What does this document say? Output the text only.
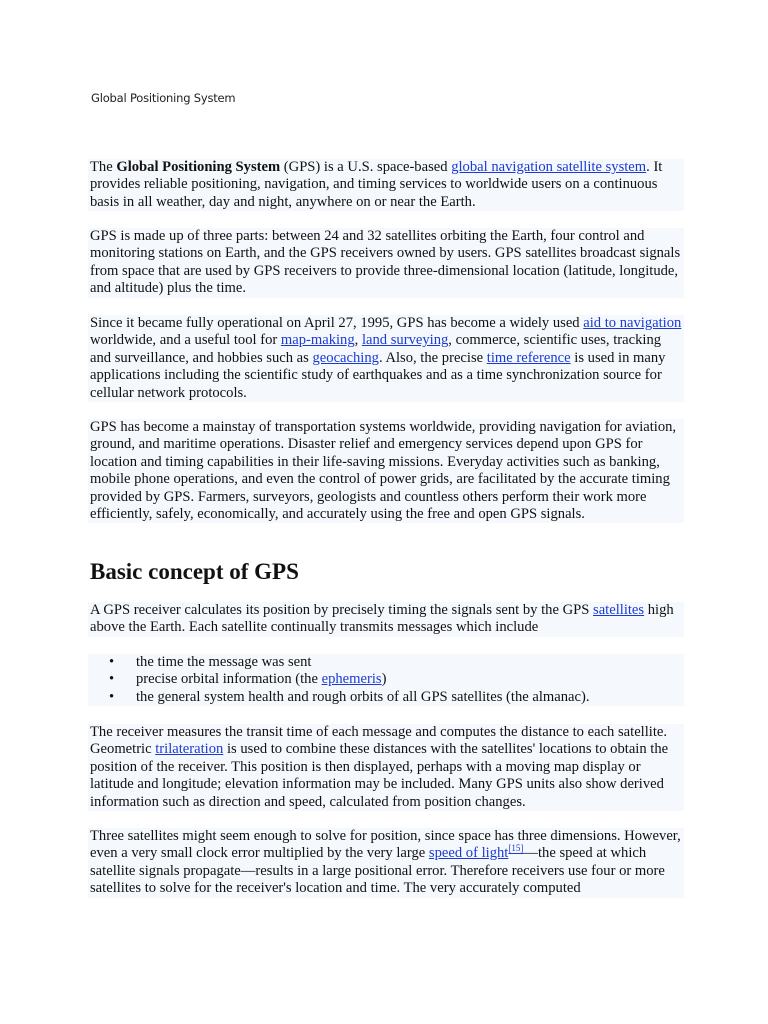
Global Positioning System

The Global Positioning System (GPS) is a U.S. space-based global navigation satellite system. It provides reliable positioning, navigation, and timing services to worldwide users on a continuous basis in all weather, day and night, anywhere on or near the Earth.

GPS is made up of three parts: between 24 and 32 satellites orbiting the Earth, four control and monitoring stations on Earth, and the GPS receivers owned by users. GPS satellites broadcast signals from space that are used by GPS receivers to provide three-dimensional location (latitude, longitude, and altitude) plus the time.

Since it became fully operational on April 27, 1995, GPS has become a widely used aid to navigation worldwide, and a useful tool for map-making, land surveying, commerce, scientific uses, tracking and surveillance, and hobbies such as geocaching. Also, the precise time reference is used in many applications including the scientific study of earthquakes and as a time synchronization source for cellular network protocols.

GPS has become a mainstay of transportation systems worldwide, providing navigation for aviation, ground, and maritime operations. Disaster relief and emergency services depend upon GPS for location and timing capabilities in their life-saving missions. Everyday activities such as banking, mobile phone operations, and even the control of power grids, are facilitated by the accurate timing provided by GPS. Farmers, surveyors, geologists and countless others perform their work more efficiently, safely, economically, and accurately using the free and open GPS signals.

Basic concept of GPS

A GPS receiver calculates its position by precisely timing the signals sent by the GPS satellites high above the Earth. Each satellite continually transmits messages which include

• the time the message was sent
• precise orbital information (the ephemeris)
• the general system health and rough orbits of all GPS satellites (the almanac).

The receiver measures the transit time of each message and computes the distance to each satellite. Geometric trilateration is used to combine these distances with the satellites' locations to obtain the position of the receiver. This position is then displayed, perhaps with a moving map display or latitude and longitude; elevation information may be included. Many GPS units also show derived information such as direction and speed, calculated from position changes.

Three satellites might seem enough to solve for position, since space has three dimensions. However, even a very small clock error multiplied by the very large speed of light[15]—the speed at which satellite signals propagate—results in a large positional error. Therefore receivers use four or more satellites to solve for the receiver's location and time. The very accurately computed
